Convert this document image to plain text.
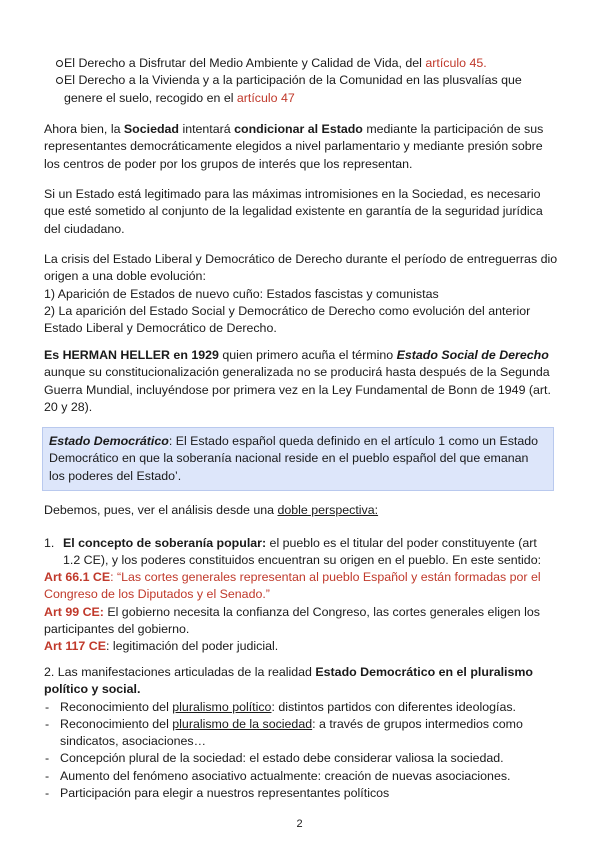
El Derecho a Disfrutar del Medio Ambiente y Calidad de Vida, del artículo 45.
El Derecho a la Vivienda y a la participación de la Comunidad en las plusvalías que genere el suelo, recogido en el artículo 47
Ahora bien, la Sociedad intentará condicionar al Estado mediante la participación de sus representantes democráticamente elegidos a nivel parlamentario y mediante presión sobre los centros de poder por los grupos de interés que los representan.
Si un Estado está legitimado para las máximas intromisiones en la Sociedad, es necesario que esté sometido al conjunto de la legalidad existente en garantía de la seguridad jurídica del ciudadano.
La crisis del Estado Liberal y Democrático de Derecho durante el período de entreguerras dio origen a una doble evolución:
1) Aparición de Estados de nuevo cuño: Estados fascistas y comunistas
2) La aparición del Estado Social y Democrático de Derecho como evolución del anterior Estado Liberal y Democrático de Derecho.
Es HERMAN HELLER en 1929 quien primero acuña el término Estado Social de Derecho aunque su constitucionalización generalizada no se producirá hasta después de la Segunda Guerra Mundial, incluyéndose por primera vez en la Ley Fundamental de Bonn de 1949 (art. 20 y 28).
Estado Democrático: El Estado español queda definido en el artículo 1 como un Estado Democrático en que la soberanía nacional reside en el pueblo español del que emanan los poderes del Estado’.
Debemos, pues, ver el análisis desde una doble perspectiva:
1. El concepto de soberanía popular: el pueblo es el titular del poder constituyente (art 1.2 CE), y los poderes constituidos encuentran su origen en el pueblo. En este sentido:
Art 66.1 CE: “Las cortes generales representan al pueblo Español y están formadas por el Congreso de los Diputados y el Senado.”
Art 99 CE: El gobierno necesita la confianza del Congreso, las cortes generales eligen los participantes del gobierno.
Art 117 CE: legitimación del poder judicial.
2. Las manifestaciones articuladas de la realidad Estado Democrático en el pluralismo político y social.
- Reconocimiento del pluralismo político: distintos partidos con diferentes ideologías.
- Reconocimiento del pluralismo de la sociedad: a través de grupos intermedios como sindicatos, asociaciones…
- Concepción plural de la sociedad: el estado debe considerar valiosa la sociedad.
- Aumento del fenómeno asociativo actualmente: creación de nuevas asociaciones.
- Participación para elegir a nuestros representantes políticos
2
